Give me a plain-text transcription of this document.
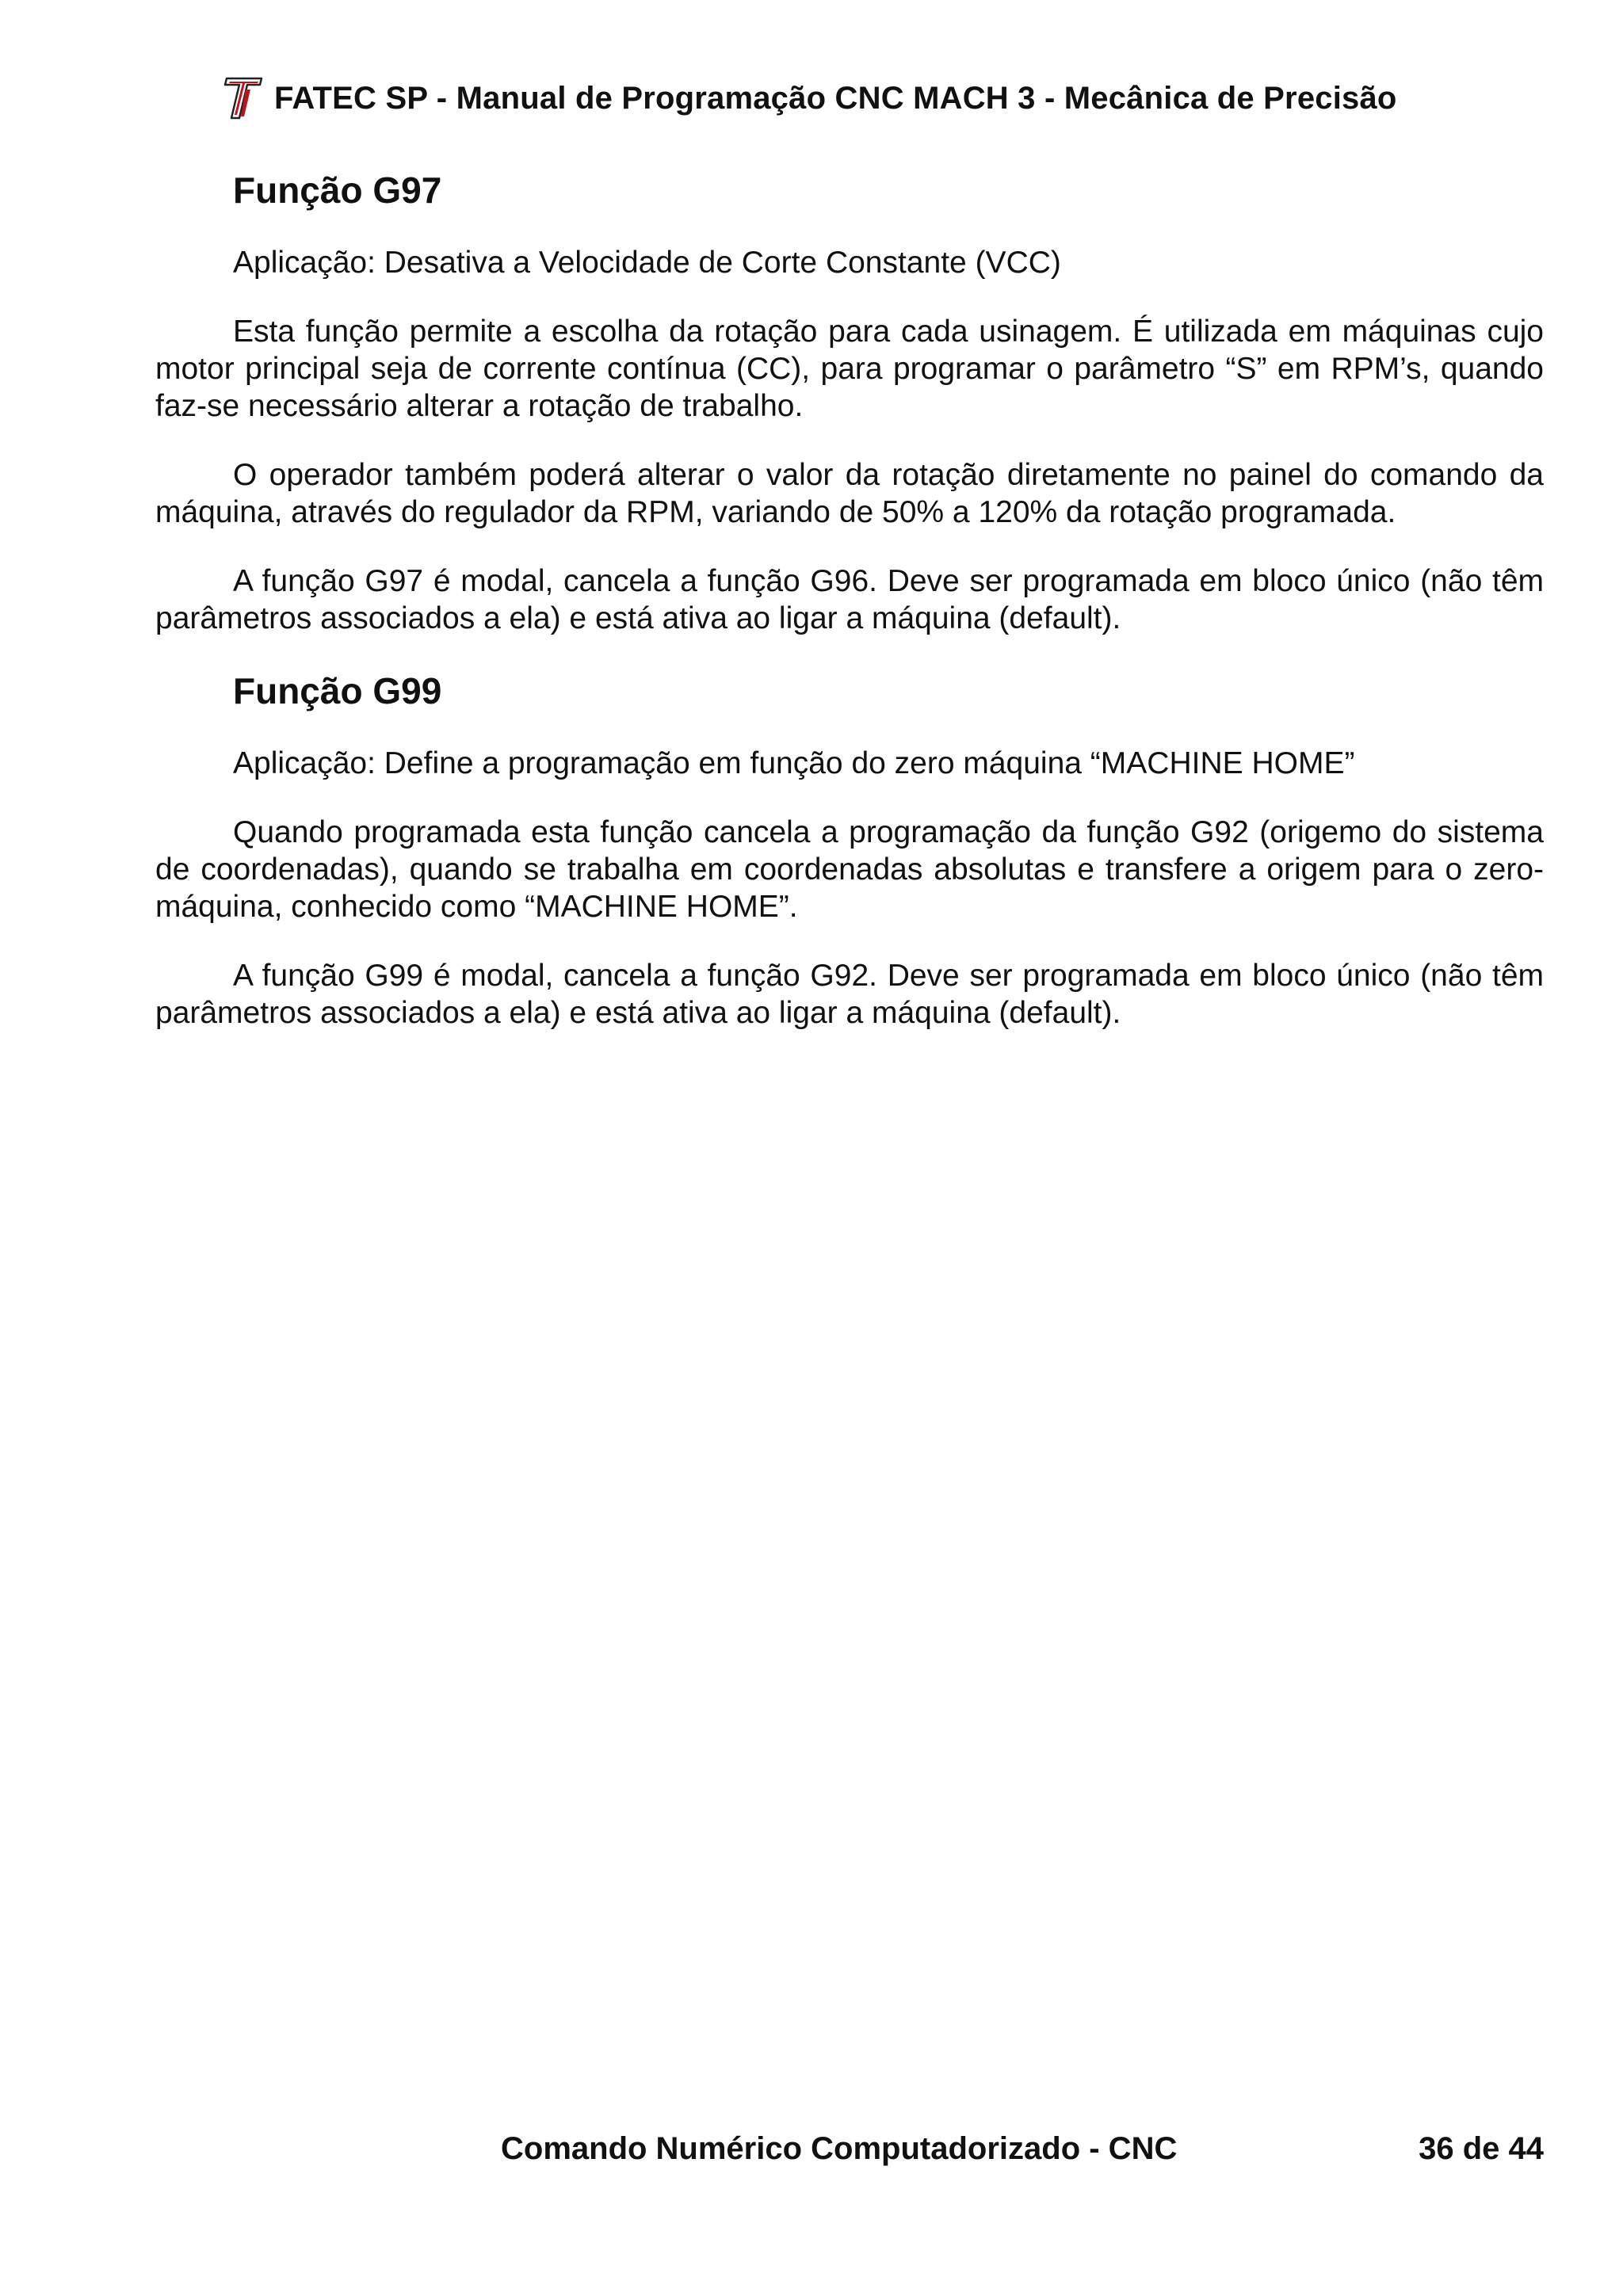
FATEC SP - Manual de Programação CNC MACH 3 - Mecânica de Precisão
Função G97

Aplicação: Desativa a Velocidade de Corte Constante (VCC)

Esta função permite a escolha da rotação para cada usinagem. É utilizada em máquinas cujo motor principal seja de corrente contínua (CC), para programar o parâmetro “S” em RPM’s, quando faz-se necessário alterar a rotação de trabalho.

O operador também poderá alterar o valor da rotação diretamente no painel do comando da máquina, através do regulador da RPM, variando de 50% a 120% da rotação programada.

A função G97 é modal, cancela a função G96. Deve ser programada em bloco único (não têm parâmetros associados a ela) e está ativa ao ligar a máquina (default).

Função G99

Aplicação: Define a programação em função do zero máquina “MACHINE HOME”

Quando programada esta função cancela a programação da função G92 (origemo do sistema de coordenadas), quando se trabalha em coordenadas absolutas e transfere a origem para o zero-máquina, conhecido como “MACHINE HOME”.

A função G99 é modal, cancela a função G92. Deve ser programada em bloco único (não têm parâmetros associados a ela) e está ativa ao ligar a máquina (default).

Comando Numérico Computadorizado - CNC	36 de 44
